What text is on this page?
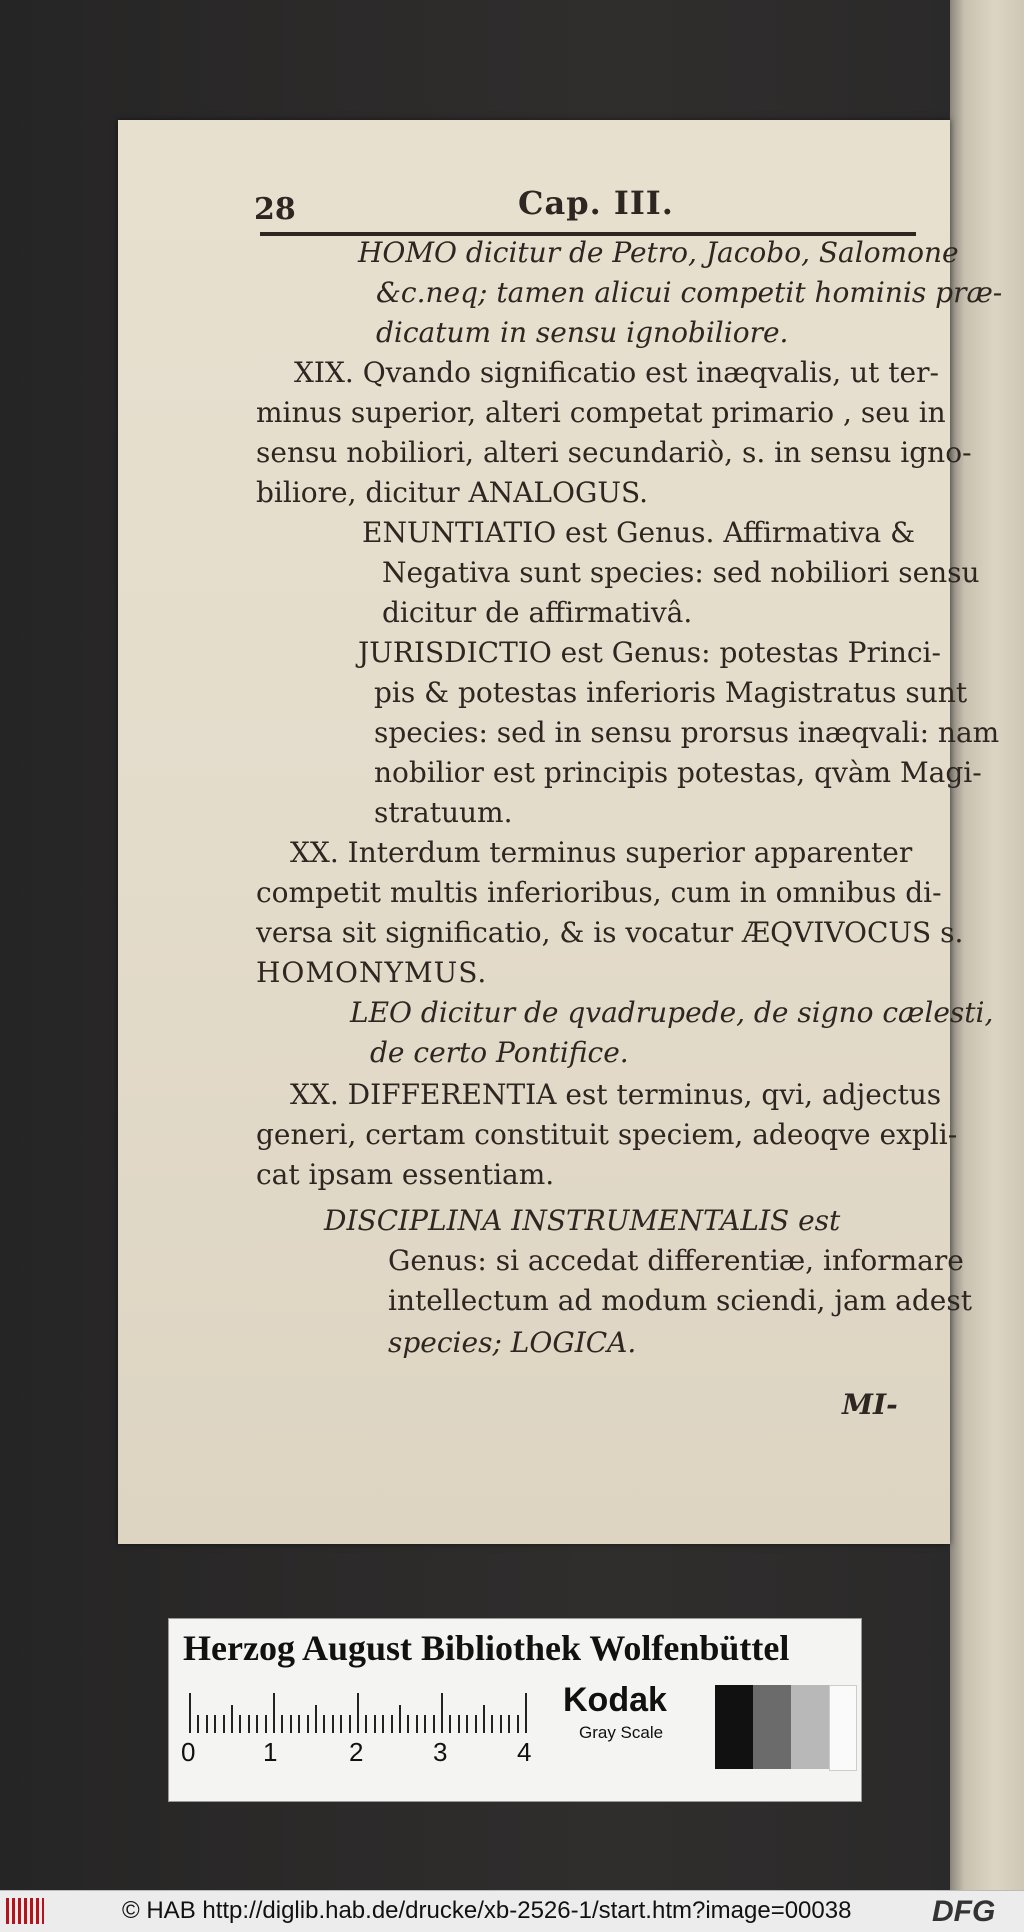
28	Cap. III.
HOMO dicitur de Petro, Jacobo, Salomone
&c.neq; tamen alicui competit hominis præ-
dicatum in sensu ignobiliore.
XIX. Qvando significatio est inæqvalis, ut ter-
minus superior, alteri competat primario , seu in
sensu nobiliori, alteri secundariò, s. in sensu igno-
biliore, dicitur ANALOGUS.
ENUNTIATIO est Genus. Affirmativa &
Negativa sunt species: sed nobiliori sensu
dicitur de affirmativâ.
JURISDICTIO est Genus: potestas Princi-
pis & potestas inferioris Magistratus sunt
species: sed in sensu prorsus inæqvali: nam
nobilior est principis potestas, qvàm Magi-
stratuum.
XX. Interdum terminus superior apparenter
competit multis inferioribus, cum in omnibus di-
versa sit significatio, & is vocatur ÆQVIVOCUS s.
HOMONYMUS.
LEO dicitur de qvadrupede, de signo cælesti,
de certo Pontifice.
XX. DIFFERENTIA est terminus, qvi, adjectus
generi, certam constituit speciem, adeoqve expli-
cat ipsam essentiam.
DISCIPLINA INSTRUMENTALIS est
Genus: si accedat differentiæ, informare
intellectum ad modum sciendi, jam adest
species; LOGICA.
MI-
Herzog August Bibliothek Wolfenbüttel
0	1	2	3	4
Kodak
Gray Scale
© HAB http://diglib.hab.de/drucke/xb-2526-1/start.htm?image=00038	DFG
